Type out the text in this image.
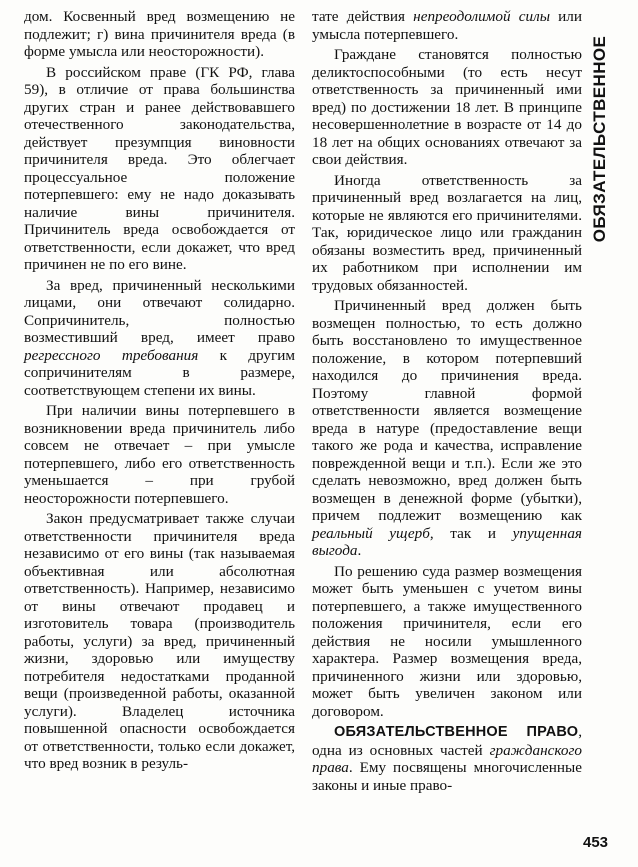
дом. Косвенный вред возмещению не подлежит; г) вина причинителя вреда (в форме умысла или неосторожности).

В российском праве (ГК РФ, глава 59), в отличие от права большинства других стран и ранее действовавшего отечественного законодательства, действует презумпция виновности причинителя вреда. Это облегчает процессуальное положение потерпевшего: ему не надо доказывать наличие вины причинителя. Причинитель вреда освобождается от ответственности, если докажет, что вред причинен не по его вине.

За вред, причиненный несколькими лицами, они отвечают солидарно. Сопричинитель, полностью возместивший вред, имеет право регрессного требования к другим сопричинителям в размере, соответствующем степени их вины.

При наличии вины потерпевшего в возникновении вреда причинитель либо совсем не отвечает – при умысле потерпевшего, либо его ответственность уменьшается – при грубой неосторожности потерпевшего.

Закон предусматривает также случаи ответственности причинителя вреда независимо от его вины (так называемая объективная или абсолютная ответственность). Например, независимо от вины отвечают продавец и изготовитель товара (производитель работы, услуги) за вред, причиненный жизни, здоровью или имуществу потребителя недостатками проданной вещи (произведенной работы, оказанной услуги). Владелец источника повышенной опасности освобождается от ответственности, только если докажет, что вред возник в резуль-

тате действия непреодолимой силы или умысла потерпевшего.

Граждане становятся полностью деликтоспособными (то есть несут ответственность за причиненный ими вред) по достижении 18 лет. В принципе несовершеннолетние в возрасте от 14 до 18 лет на общих основаниях отвечают за свои действия.

Иногда ответственность за причиненный вред возлагается на лиц, которые не являются его причинителями. Так, юридическое лицо или гражданин обязаны возместить вред, причиненный их работником при исполнении им трудовых обязанностей.

Причиненный вред должен быть возмещен полностью, то есть должно быть восстановлено то имущественное положение, в котором потерпевший находился до причинения вреда. Поэтому главной формой ответственности является возмещение вреда в натуре (предоставление вещи такого же рода и качества, исправление поврежденной вещи и т.п.). Если же это сделать невозможно, вред должен быть возмещен в денежной форме (убытки), причем подлежит возмещению как реальный ущерб, так и упущенная выгода.

По решению суда размер возмещения может быть уменьшен с учетом вины потерпевшего, а также имущественного положения причинителя, если его действия не носили умышленного характера. Размер возмещения вреда, причиненного жизни или здоровью, может быть увеличен законом или договором.

ОБЯЗАТЕЛЬСТВЕННОЕ ПРАВО, одна из основных частей гражданского права. Ему посвящены многочисленные законы и иные право-

ОБЯЗАТЕЛЬСТВЕННОЕ
453
